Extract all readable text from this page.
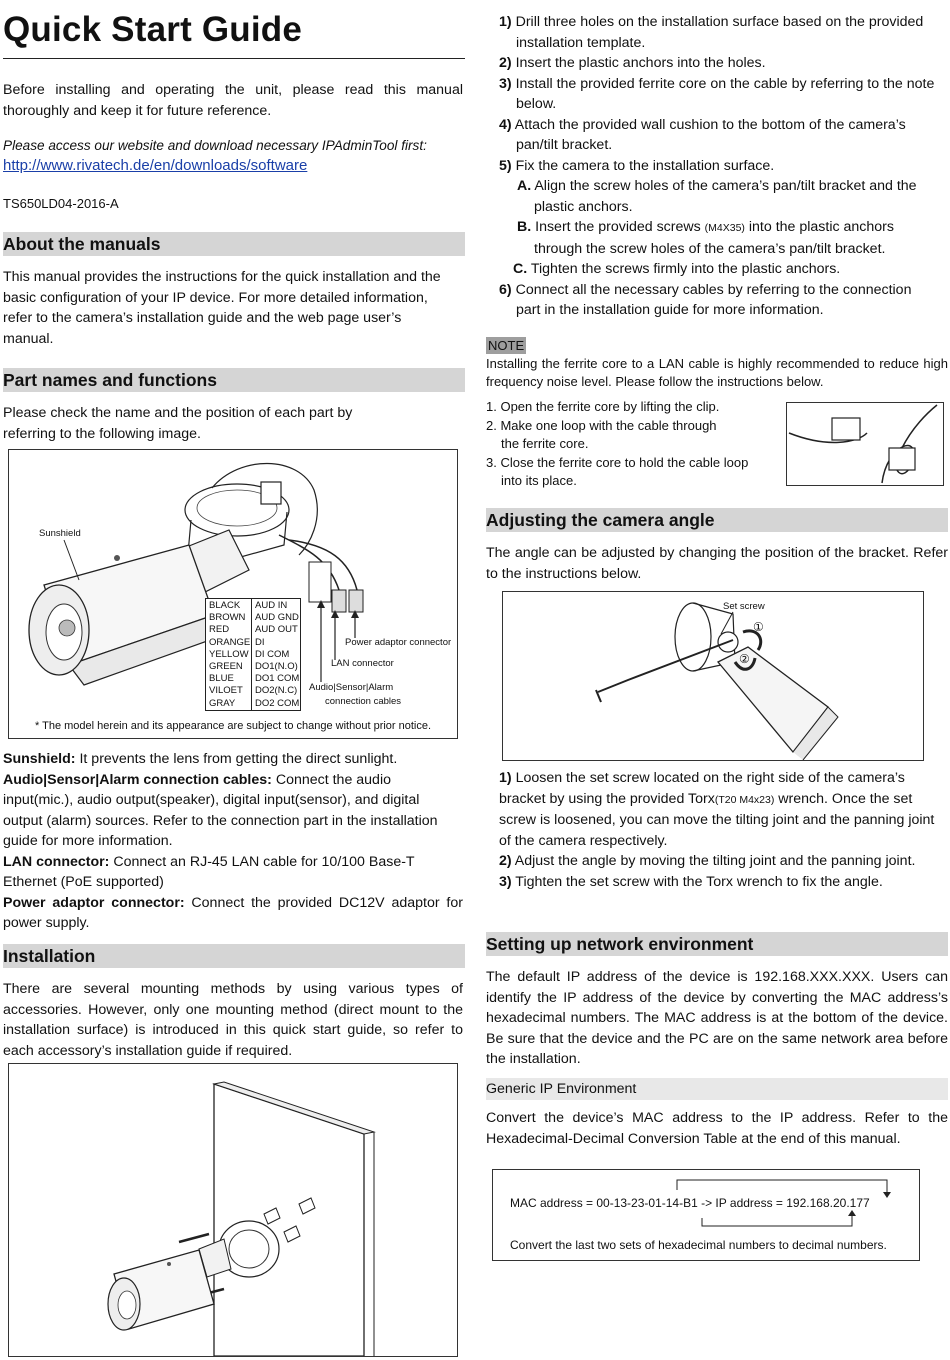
Quick Start Guide
Before installing and operating the unit, please read this manual thoroughly and keep it for future reference.
Please access our website and download necessary IPAdminTool first:
http://www.rivatech.de/en/downloads/software
TS650LD04-2016-A
About the manuals
This manual provides the instructions for the quick installation and the basic configuration of your IP device. For more detailed information, refer to the camera’s installation guide and the web page user’s manual.
Part names and functions
Please check the name and the position of each part by referring to the following image.
Sunshield
BLACK
BROWN
RED
ORANGE
YELLOW
GREEN
BLUE
VILOET
GRAY
AUD IN
AUD GND
AUD OUT
DI
DI COM
DO1(N.O)
DO1 COM
DO2(N.C)
DO2 COM
Power adaptor connector
LAN connector
Audio|Sensor|Alarm
connection cables
* The model herein and its appearance are subject to change without prior notice.
Sunshield: It prevents the lens from getting the direct sunlight.
Audio|Sensor|Alarm connection cables: Connect the audio input(mic.), audio output(speaker), digital input(sensor), and digital output (alarm) sources. Refer to the connection part in the installation guide for more information.
LAN connector: Connect an RJ-45 LAN cable for 10/100 Base-T Ethernet (PoE supported)
Power adaptor connector: Connect the provided DC12V adaptor for power supply.
Installation
There are several mounting methods by using various types of accessories. However, only one mounting method (direct mount to the installation surface) is introduced in this quick start guide, so refer to each accessory’s installation guide if required.
1) Drill three holes on the installation surface based on the provided installation template.
2) Insert the plastic anchors into the holes.
3) Install the provided ferrite core on the cable by referring to the note below.
4) Attach the provided wall cushion to the bottom of the camera’s pan/tilt bracket.
5) Fix the camera to the installation surface.
A. Align the screw holes of the camera’s pan/tilt bracket and the plastic anchors.
B. Insert the provided screws (M4X35) into the plastic anchors through the screw holes of the camera’s pan/tilt bracket.
C. Tighten the screws firmly into the plastic anchors.
6) Connect all the necessary cables by referring to the connection part in the installation guide for more information.
NOTE
Installing the ferrite core to a LAN cable is highly recommended to reduce high frequency noise level. Please follow the instructions below.
1. Open the ferrite core by lifting the clip.
2. Make one loop with the cable through
the ferrite core.
3. Close the ferrite core to hold the cable loop
into its place.
Adjusting the camera angle
The angle can be adjusted by changing the position of the bracket. Refer to the instructions below.
Set screw
①
②
1) Loosen the set screw located on the right side of the camera’s bracket by using the provided Torx(T20 M4x23) wrench. Once the set screw is loosened, you can move the tilting joint and the panning joint of the camera respectively.
2) Adjust the angle by moving the tilting joint and the panning joint.
3) Tighten the set screw with the Torx wrench to fix the angle.
Setting up network environment
The default IP address of the device is 192.168.XXX.XXX. Users can identify the IP address of the device by converting the MAC address’s hexadecimal numbers. The MAC address is at the bottom of the device. Be sure that the device and the PC are on the same network area before the installation.
Generic IP Environment
Convert the device’s MAC address to the IP address. Refer to the Hexadecimal-Decimal Conversion Table at the end of this manual.
MAC address = 00-13-23-01-14-B1 -> IP address = 192.168.20.177
Convert the last two sets of hexadecimal numbers to decimal numbers.
